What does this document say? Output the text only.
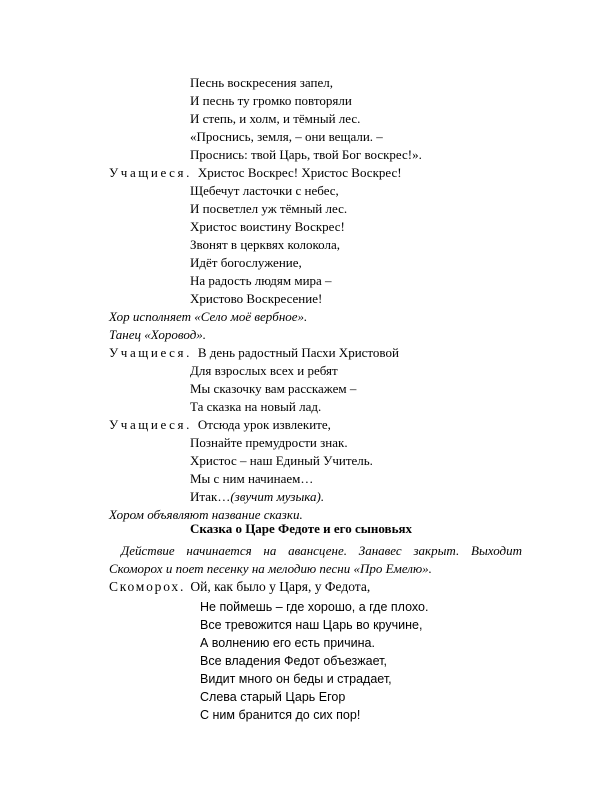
Песнь воскресения запел,
И песнь ту громко повторяли
И степь, и холм, и тёмный лес.
«Проснись, земля, – они вещали. –
Проснись: твой Царь, твой Бог воскрес!».
Учащиеся. Христос Воскрес! Христос Воскрес!
Щебечут ласточки с небес,
И посветлел уж тёмный лес.
Христос воистину Воскрес!
Звонят в церквях колокола,
Идёт богослужение,
На радость людям мира –
Христово Воскресение!
Хор исполняет «Село моё вербное».
Танец «Хоровод».
Учащиеся. В день радостный Пасхи Христовой
Для взрослых всех и ребят
Мы сказочку вам расскажем –
Та сказка на новый лад.
Учащиеся. Отсюда урок извлеките,
Познайте премудрости знак.
Христос – наш Единый Учитель.
Мы с ним начинаем…
Итак…(звучит музыка).
Хором объявляют название сказки.
Сказка о Царе Федоте и его сыновьях
Действие начинается на авансцене. Занавес закрыт. Выходит
Скоморох и поет песенку на мелодию песни «Про Емелю».
Скоморох. Ой, как было у Царя, у Федота,
Не поймешь – где хорошо, а где плохо.
Все тревожится наш Царь во кручине,
А волнению его есть причина.
Все владения Федот объезжает,
Видит много он беды и страдает,
Слева старый Царь Егор
С ним бранится до сих пор!
